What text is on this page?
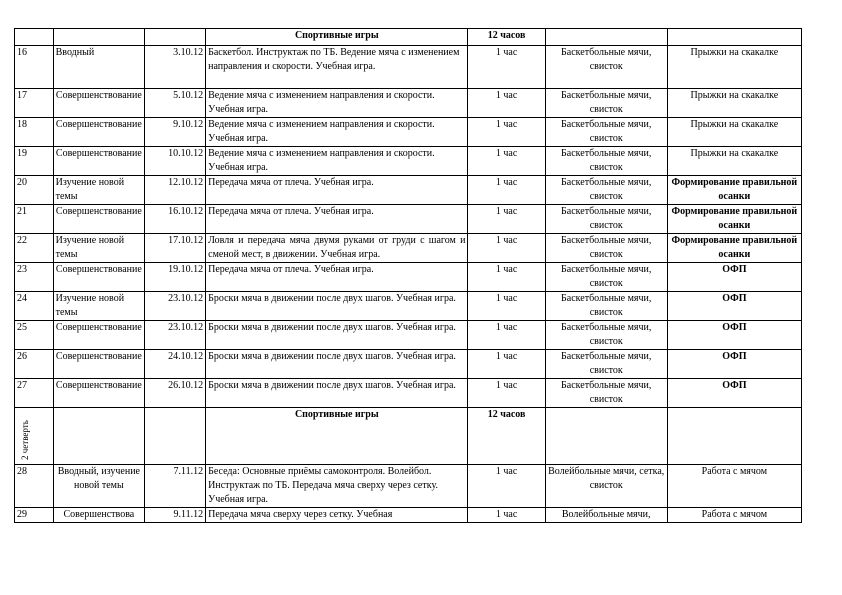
			Спортивные игры	12 часов		
16	Вводный	3.10.12	Баскетбол. Инструктаж по ТБ. Ведение мяча с изменением направления и скорости. Учебная игра.	1 час	Баскетбольные мячи, свисток	Прыжки на скакалке
17	Совершенствование	5.10.12	Ведение мяча с изменением направления и скорости. Учебная игра.	1 час	Баскетбольные мячи, свисток	Прыжки на скакалке
18	Совершенствование	9.10.12	Ведение мяча с изменением направления и скорости. Учебная игра.	1 час	Баскетбольные мячи, свисток	Прыжки на скакалке
19	Совершенствование	10.10.12	Ведение мяча с изменением направления и скорости. Учебная игра.	1 час	Баскетбольные мячи, свисток	Прыжки на скакалке
20	Изучение новой темы	12.10.12	Передача мяча от плеча. Учебная игра.	1 час	Баскетбольные мячи, свисток	Формирование правильной осанки
21	Совершенствование	16.10.12	Передача мяча от плеча. Учебная игра.	1 час	Баскетбольные мячи, свисток	Формирование правильной осанки
22	Изучение новой темы	17.10.12	Ловля и передача мяча двумя руками от груди с шагом и сменой мест, в движении. Учебная игра.	1 час	Баскетбольные мячи, свисток	Формирование правильной осанки
23	Совершенствование	19.10.12	Передача мяча от плеча. Учебная игра.	1 час	Баскетбольные мячи, свисток	ОФП
24	Изучение новой темы	23.10.12	Броски мяча в движении после двух шагов. Учебная игра.	1 час	Баскетбольные мячи, свисток	ОФП
25	Совершенствование	23.10.12	Броски мяча в движении после двух шагов. Учебная игра.	1 час	Баскетбольные мячи, свисток	ОФП
26	Совершенствование	24.10.12	Броски мяча в движении после двух шагов. Учебная игра.	1 час	Баскетбольные мячи, свисток	ОФП
27	Совершенствование	26.10.12	Броски мяча в движении после двух шагов. Учебная игра.	1 час	Баскетбольные мячи, свисток	ОФП

2 четверть			Спортивные игры	12 часов		
28	Вводный, изучение новой темы	7.11.12	Беседа: Основные приёмы самоконтроля. Волейбол. Инструктаж по ТБ. Передача мяча сверху через сетку. Учебная игра.	1 час	Волейбольные мячи, сетка, свисток	Работа с мячом
29	Совершенствова	9.11.12	Передача мяча сверху через сетку. Учебная	1 час	Волейбольные мячи,	Работа с мячом
